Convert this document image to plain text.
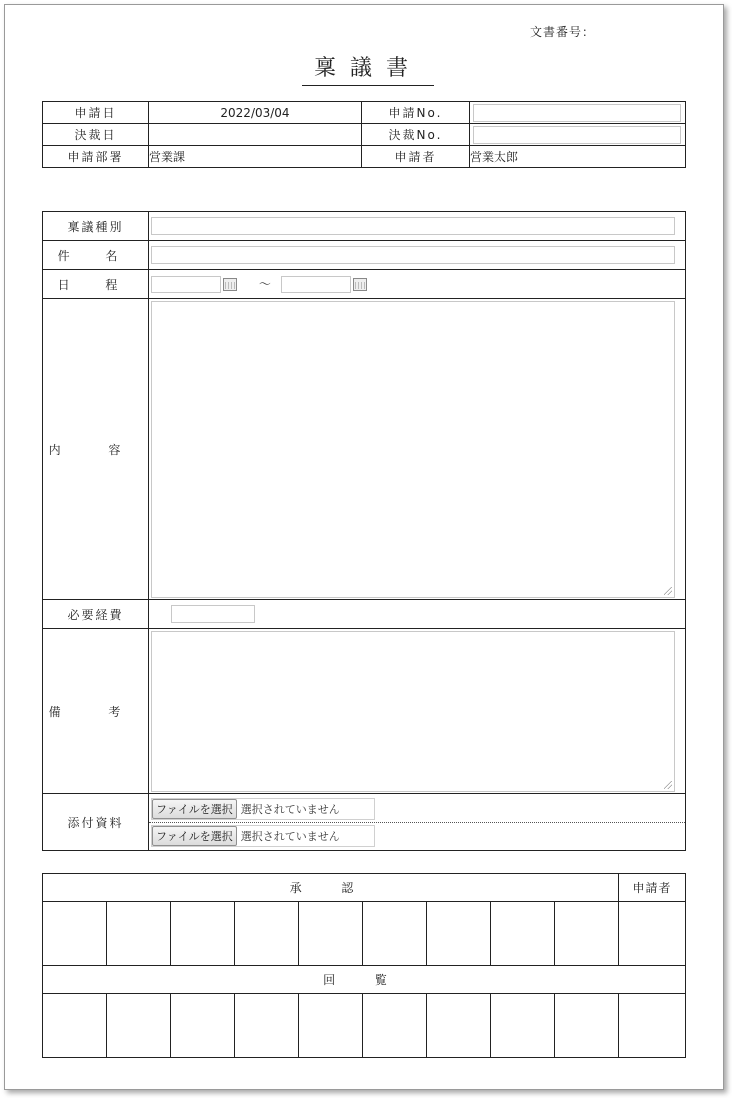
文書番号：
稟議書
申請日	2022/03/04	申請No.	

決裁日		決裁No.	

申請部署	営業課	申請者	営業太郎
稟議種別	

件 名	

日 程	～
内 容	

必要経費	

備 考	

添付資料	ファイルを選択 選択されていません
ファイルを選択 選択されていません
承 認									申請者

回 覧									
